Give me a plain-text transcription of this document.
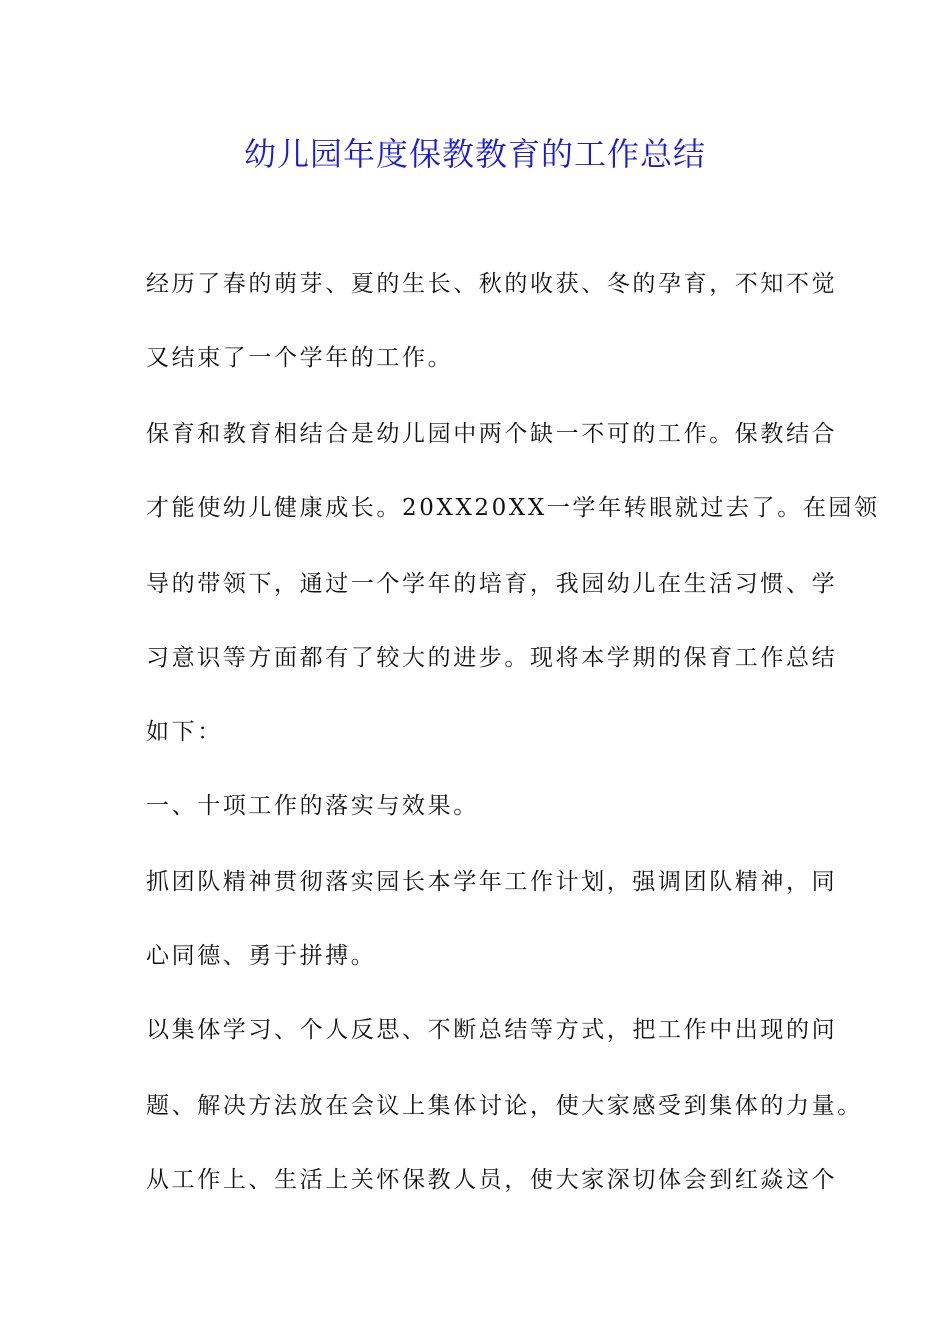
幼儿园年度保教教育的工作总结
经历了春的萌芽、夏的生长、秋的收获、冬的孕育，不知不觉
又结束了一个学年的工作。
保育和教育相结合是幼儿园中两个缺一不可的工作。保教结合
才能使幼儿健康成长。20XX20XX一学年转眼就过去了。在园领
导的带领下，通过一个学年的培育，我园幼儿在生活习惯、学
习意识等方面都有了较大的进步。现将本学期的保育工作总结
如下：
一、十项工作的落实与效果。
抓团队精神贯彻落实园长本学年工作计划，强调团队精神，同
心同德、勇于拼搏。
以集体学习、个人反思、不断总结等方式，把工作中出现的问
题、解决方法放在会议上集体讨论，使大家感受到集体的力量。
从工作上、生活上关怀保教人员，使大家深切体会到红焱这个
